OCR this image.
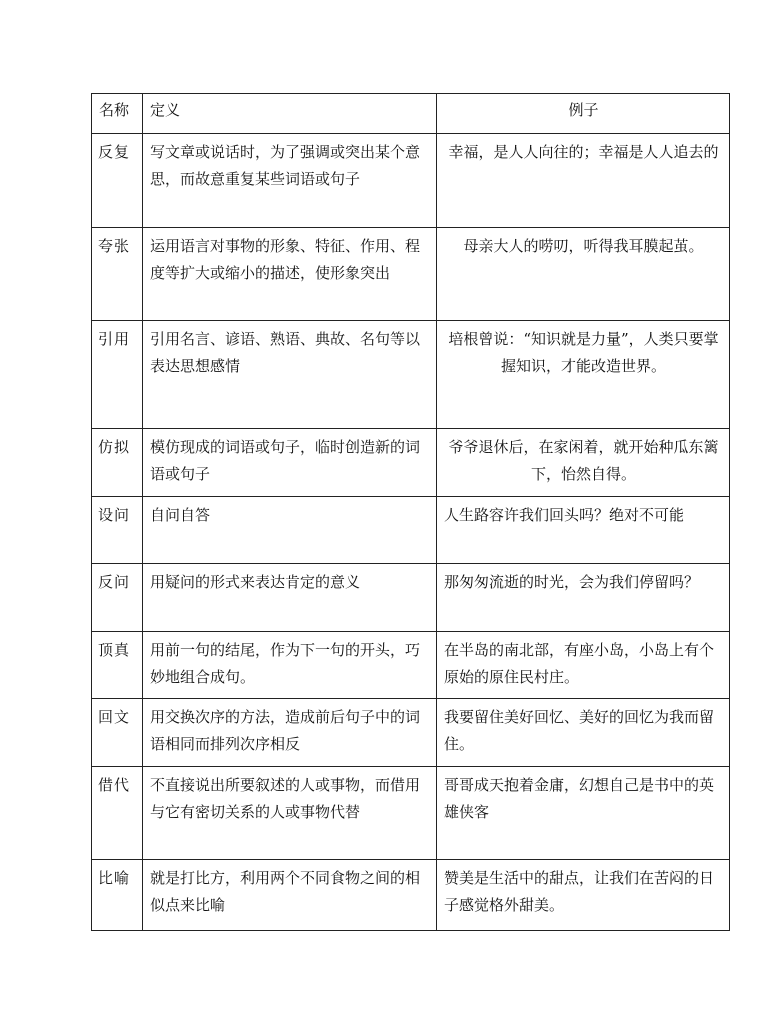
名称	定义	例子
反复	写文章或说话时，为了强调或突出某个意思，而故意重复某些词语或句子	幸福，是人人向往的；幸福是人人追去的
夸张	运用语言对事物的形象、特征、作用、程度等扩大或缩小的描述，使形象突出	母亲大人的唠叨，听得我耳膜起茧。
引用	引用名言、谚语、熟语、典故、名句等以表达思想感情	培根曾说：“知识就是力量”，人类只要掌握知识，才能改造世界。
仿拟	模仿现成的词语或句子，临时创造新的词语或句子	爷爷退休后，在家闲着，就开始种瓜东篱下，怡然自得。
设问	自问自答	人生路容许我们回头吗？绝对不可能
反问	用疑问的形式来表达肯定的意义	那匆匆流逝的时光，会为我们停留吗？
顶真	用前一句的结尾，作为下一句的开头，巧妙地组合成句。	在半岛的南北部，有座小岛，小岛上有个原始的原住民村庄。
回文	用交换次序的方法，造成前后句子中的词语相同而排列次序相反	我要留住美好回忆、美好的回忆为我而留住。
借代	不直接说出所要叙述的人或事物，而借用与它有密切关系的人或事物代替	哥哥成天抱着金庸，幻想自己是书中的英雄侠客
比喻	就是打比方，利用两个不同食物之间的相似点来比喻	赞美是生活中的甜点，让我们在苦闷的日子感觉格外甜美。
